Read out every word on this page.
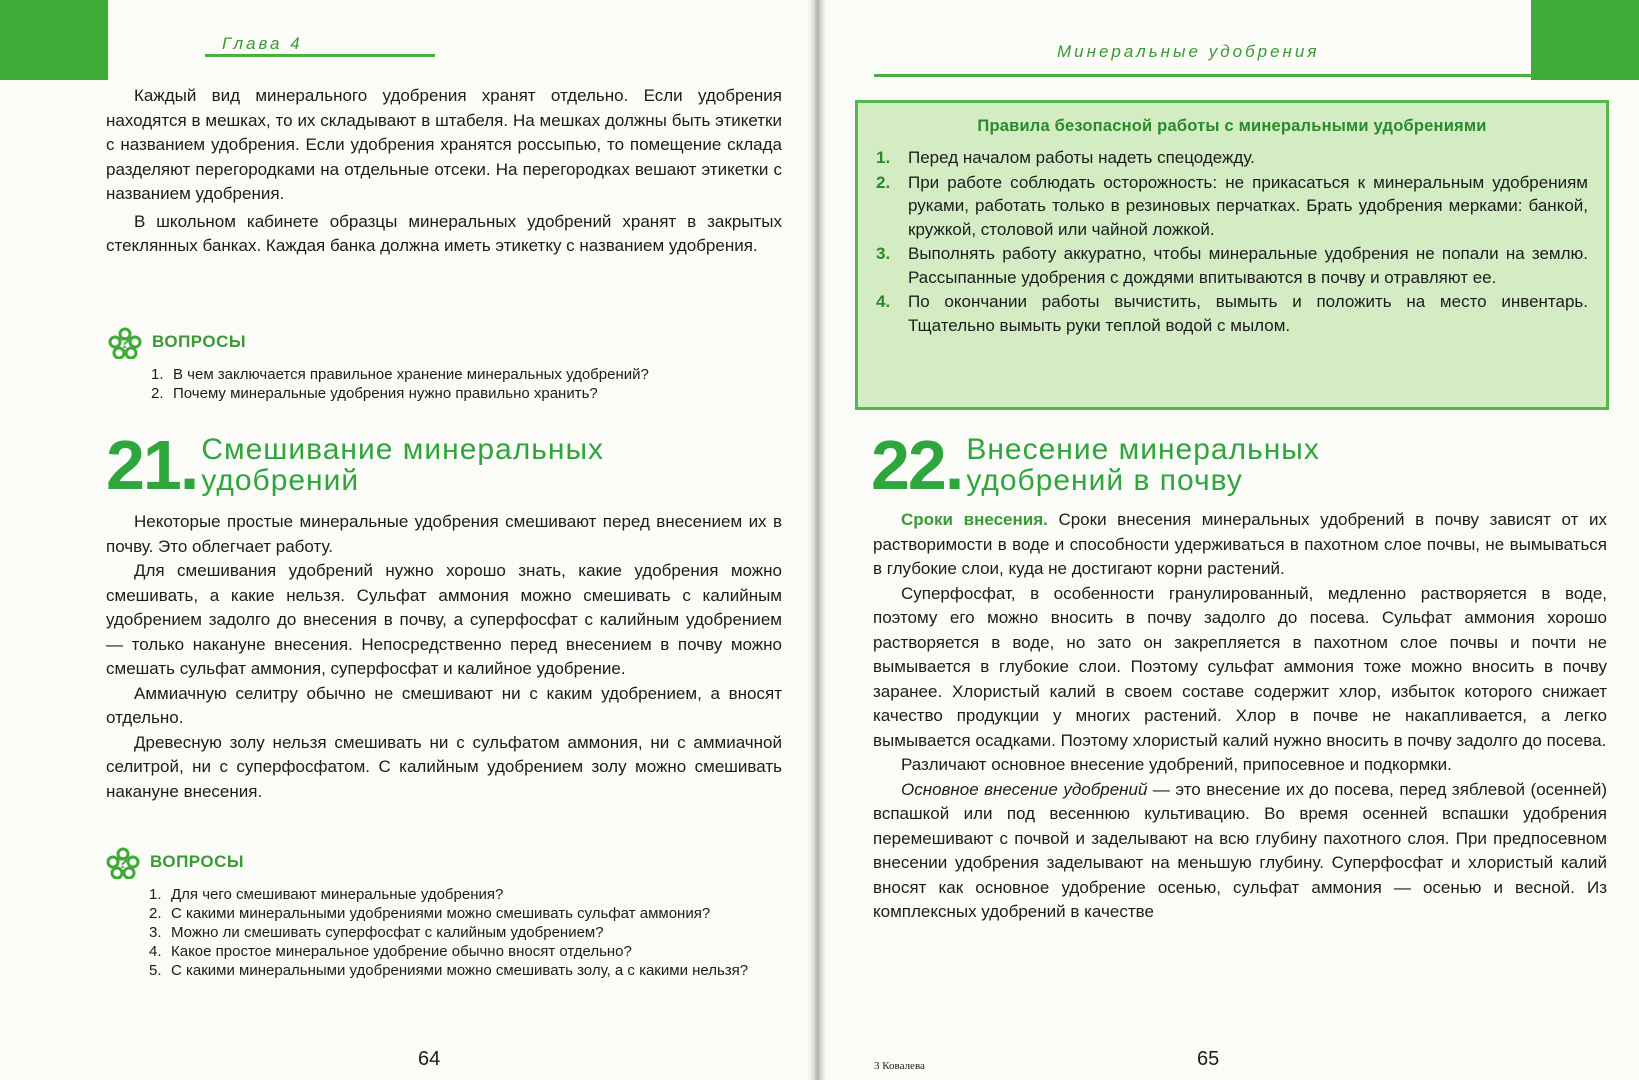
Глава 4

Каждый вид минерального удобрения хранят отдельно. Если удобрения находятся в мешках, то их складывают в штабеля. На мешках должны быть этикетки с названием удобрения. Если удобрения хранятся россыпью, то помещение склада разделяют перегородками на отдельные отсеки. На перегородках вешают этикетки с названием удобрения.

В школьном кабинете образцы минеральных удобрений хранят в закрытых стеклянных банках. Каждая банка должна иметь этикетку с названием удобрения.

? ВОПРОСЫ
1. В чем заключается правильное хранение минеральных удобрений?
2. Почему минеральные удобрения нужно правильно хранить?
21. Смешивание минеральных
удобрений

Некоторые простые минеральные удобрения смешивают перед внесением их в почву. Это облегчает работу.

Для смешивания удобрений нужно хорошо знать, какие удобрения можно смешивать, а какие нельзя. Сульфат аммония можно смешивать с калийным удобрением задолго до внесения в почву, а суперфосфат с калийным удобрением — только накануне внесения. Непосредственно перед внесением в почву можно смешать сульфат аммония, суперфосфат и калийное удобрение.

Аммиачную селитру обычно не смешивают ни с каким удобрением, а вносят отдельно.

Древесную золу нельзя смешивать ни с сульфатом аммония, ни с аммиачной селитрой, ни с суперфосфатом. С калийным удобрением золу можно смешивать накануне внесения.

? ВОПРОСЫ
1. Для чего смешивают минеральные удобрения?
2. С какими минеральными удобрениями можно смешивать сульфат аммония?
3. Можно ли смешивать суперфосфат с калийным удобрением?
4. Какое простое минеральное удобрение обычно вносят отдельно?
5. С какими минеральными удобрениями можно смешивать золу, а с какими нельзя?
64
Минеральные удобрения
Правила безопасной работы с минеральными удобрениями
1.	Перед началом работы надеть спецодежду.
2.	При работе соблюдать осторожность: не прикасаться к минеральным удобрениям руками, работать только в резиновых перчатках. Брать удобрения мерками: банкой, кружкой, столовой или чайной ложкой.
3.	Выполнять работу аккуратно, чтобы минеральные удобрения не попали на землю. Рассыпанные удобрения с дождями впитываются в почву и отравляют ее.
4.	По окончании работы вычистить, вымыть и положить на место инвентарь. Тщательно вымыть руки теплой водой с мылом.
22. Внесение минеральных
удобрений в почву

Сроки внесения. Сроки внесения минеральных удобрений в почву зависят от их растворимости в воде и способности удерживаться в пахотном слое почвы, не вымываться в глубокие слои, куда не достигают корни растений.

Суперфосфат, в особенности гранулированный, медленно растворяется в воде, поэтому его можно вносить в почву задолго до посева. Сульфат аммония хорошо растворяется в воде, но зато он закрепляется в пахотном слое почвы и почти не вымывается в глубокие слои. Поэтому сульфат аммония тоже можно вносить в почву заранее. Хлористый калий в своем составе содержит хлор, избыток которого снижает качество продукции у многих растений. Хлор в почве не накапливается, а легко вымывается осадками. Поэтому хлористый калий нужно вносить в почву задолго до посева.

Различают основное внесение удобрений, припосевное и подкормки.

Основное внесение удобрений — это внесение их до посева, перед зяблевой (осенней) вспашкой или под весеннюю культивацию. Во время осенней вспашки удобрения перемешивают с почвой и заделывают на всю глубину пахотного слоя. При предпосевном внесении удобрения заделывают на меньшую глубину. Суперфосфат и хлористый калий вносят как основное удобрение осенью, сульфат аммония — осенью и весной. Из комплексных удобрений в качестве

3 Ковалева	65
